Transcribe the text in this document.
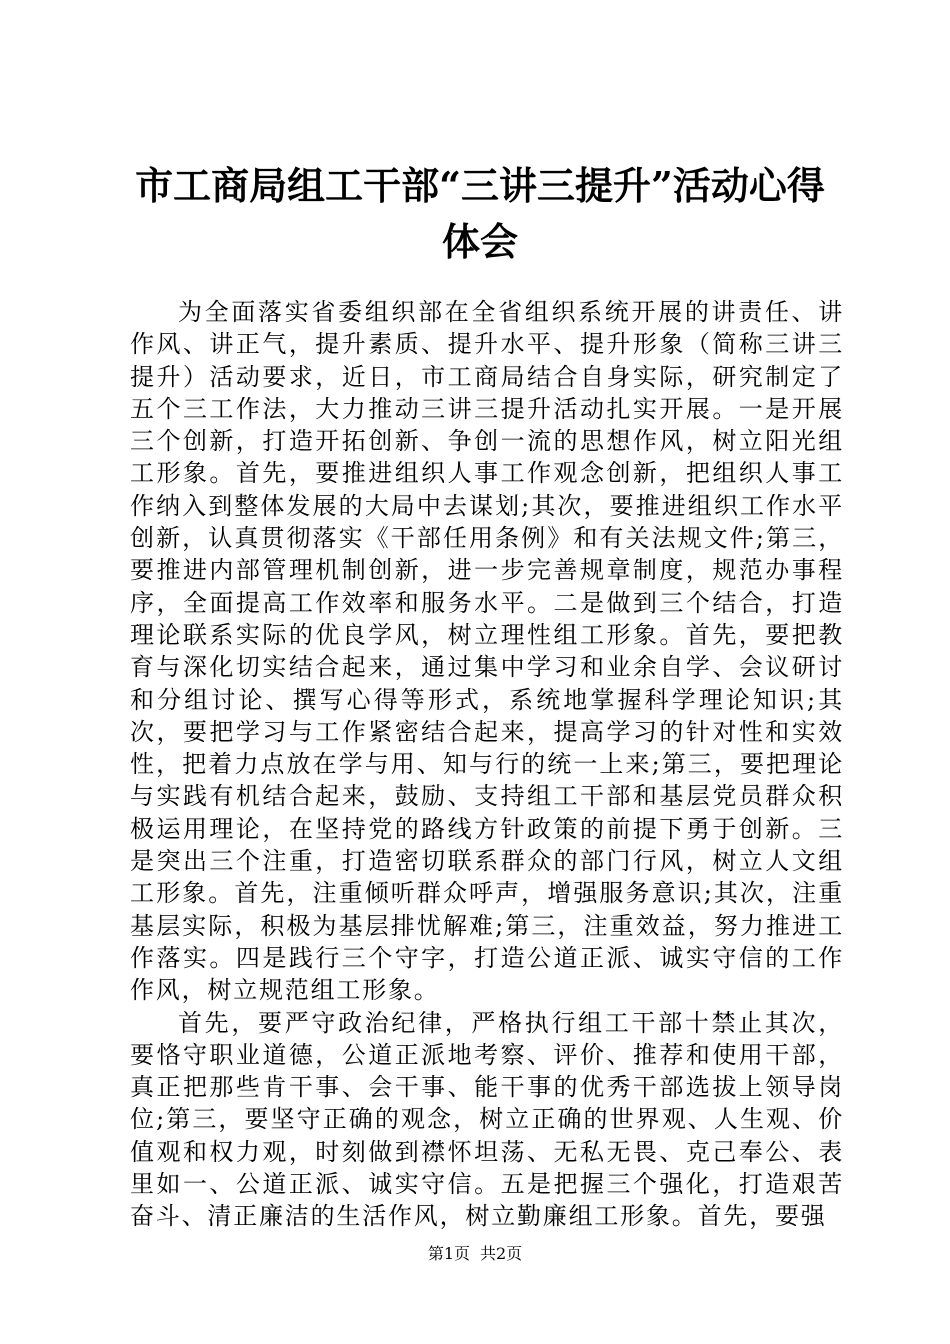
市工商局组工干部“三讲三提升”活动心得体会

为全面落实省委组织部在全省组织系统开展的讲责任、讲作风、讲正气，提升素质、提升水平、提升形象（简称三讲三提升）活动要求，近日，市工商局结合自身实际，研究制定了五个三工作法，大力推动三讲三提升活动扎实开展。一是开展三个创新，打造开拓创新、争创一流的思想作风，树立阳光组工形象。首先，要推进组织人事工作观念创新，把组织人事工作纳入到整体发展的大局中去谋划;其次，要推进组织工作水平创新，认真贯彻落实《干部任用条例》和有关法规文件;第三，要推进内部管理机制创新，进一步完善规章制度，规范办事程序，全面提高工作效率和服务水平。二是做到三个结合，打造理论联系实际的优良学风，树立理性组工形象。首先，要把教育与深化切实结合起来，通过集中学习和业余自学、会议研讨和分组讨论、撰写心得等形式，系统地掌握科学理论知识;其次，要把学习与工作紧密结合起来，提高学习的针对性和实效性，把着力点放在学与用、知与行的统一上来;第三，要把理论与实践有机结合起来，鼓励、支持组工干部和基层党员群众积极运用理论，在坚持党的路线方针政策的前提下勇于创新。三是突出三个注重，打造密切联系群众的部门行风，树立人文组工形象。首先，注重倾听群众呼声，增强服务意识;其次，注重基层实际，积极为基层排忧解难;第三，注重效益，努力推进工作落实。四是践行三个守字，打造公道正派、诚实守信的工作作风，树立规范组工形象。

首先，要严守政治纪律，严格执行组工干部十禁止其次，要恪守职业道德，公道正派地考察、评价、推荐和使用干部，真正把那些肯干事、会干事、能干事的优秀干部选拔上领导岗位;第三，要坚守正确的观念，树立正确的世界观、人生观、价值观和权力观，时刻做到襟怀坦荡、无私无畏、克己奉公、表里如一、公道正派、诚实守信。五是把握三个强化，打造艰苦奋斗、清正廉洁的生活作风，树立勤廉组工形象。首先，要强

第1页 共2页
